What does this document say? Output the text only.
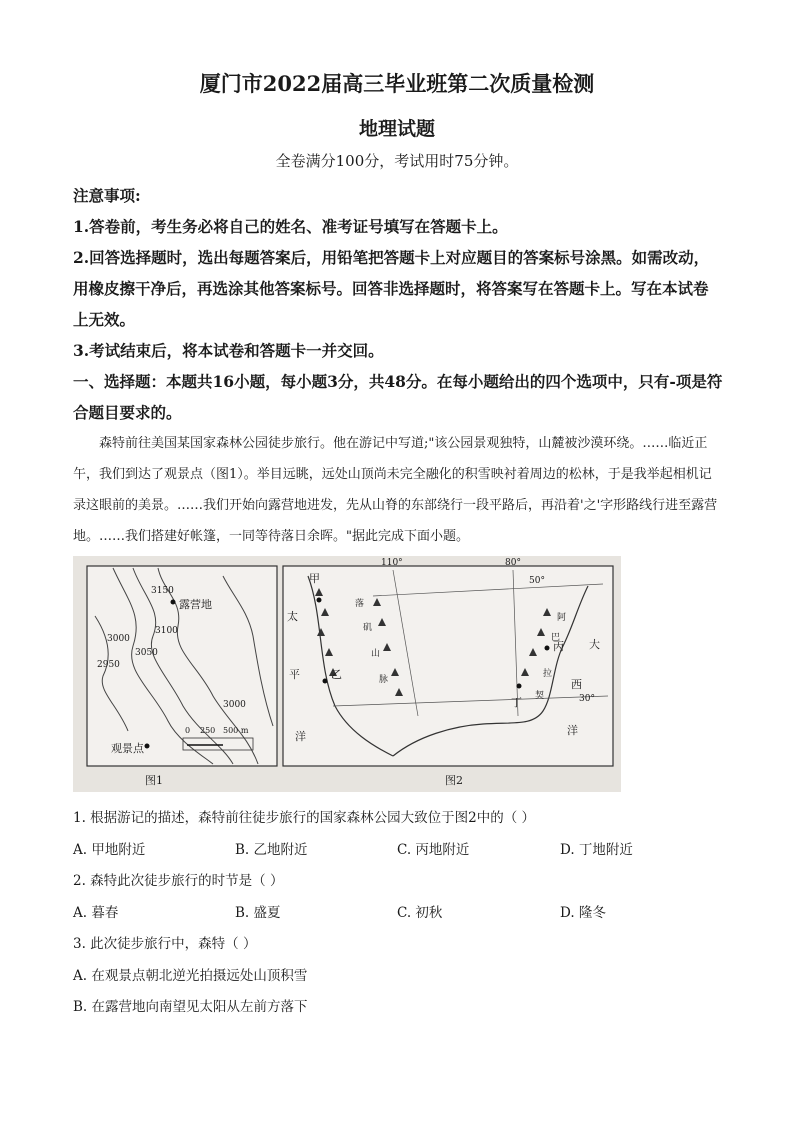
厦门市2022届高三毕业班第二次质量检测
地理试题
全卷满分100分，考试用时75分钟。
注意事项:
1.答卷前，考生务必将自己的姓名、准考证号填写在答题卡上。
2.回答选择题时，选出每题答案后，用铅笔把答题卡上对应题目的答案标号涂黑。如需改动，用橡皮擦干净后，再选涂其他答案标号。回答非选择题时，将答案写在答题卡上。写在本试卷上无效。
3.考试结束后，将本试卷和答题卡一并交回。
一、选择题：本题共16小题，每小题3分，共48分。在每小题给出的四个选项中，只有-项是符合题目要求的。
森特前往美国某国家森林公园徒步旅行。他在游记中写道;"该公园景观独特，山麓被沙漠环绕。……临近正午，我们到达了观景点（图1）。举目远眺，远处山顶尚未完全融化的积雪映衬着周边的松林，于是我举起相机记录这眼前的美景。……我们开始向露营地进发，先从山脊的东部绕行一段平路后，再沿着'之'字形路线行进至露营地。……我们搭建好帐篷，一同等待落日余晖。"据此完成下面小题。
露营地
观景点
3150
3100
3050
3000
2950
3000
0 250 500 m
图1
110°	80°
50°
30°
甲
乙
丙
丁
落
矶
山
脉
阿
巴
拉
契
太
平
洋
大
西
洋
图2
1. 根据游记的描述，森特前往徒步旅行的国家森林公园大致位于图2中的（ ）
A. 甲地附近	B. 乙地附近	C. 丙地附近	D. 丁地附近
2. 森特此次徒步旅行的时节是（ ）
A. 暮春	B. 盛夏	C. 初秋	D. 隆冬
3. 此次徒步旅行中，森特（ ）
A. 在观景点朝北逆光拍摄远处山顶积雪
B. 在露营地向南望见太阳从左前方落下
